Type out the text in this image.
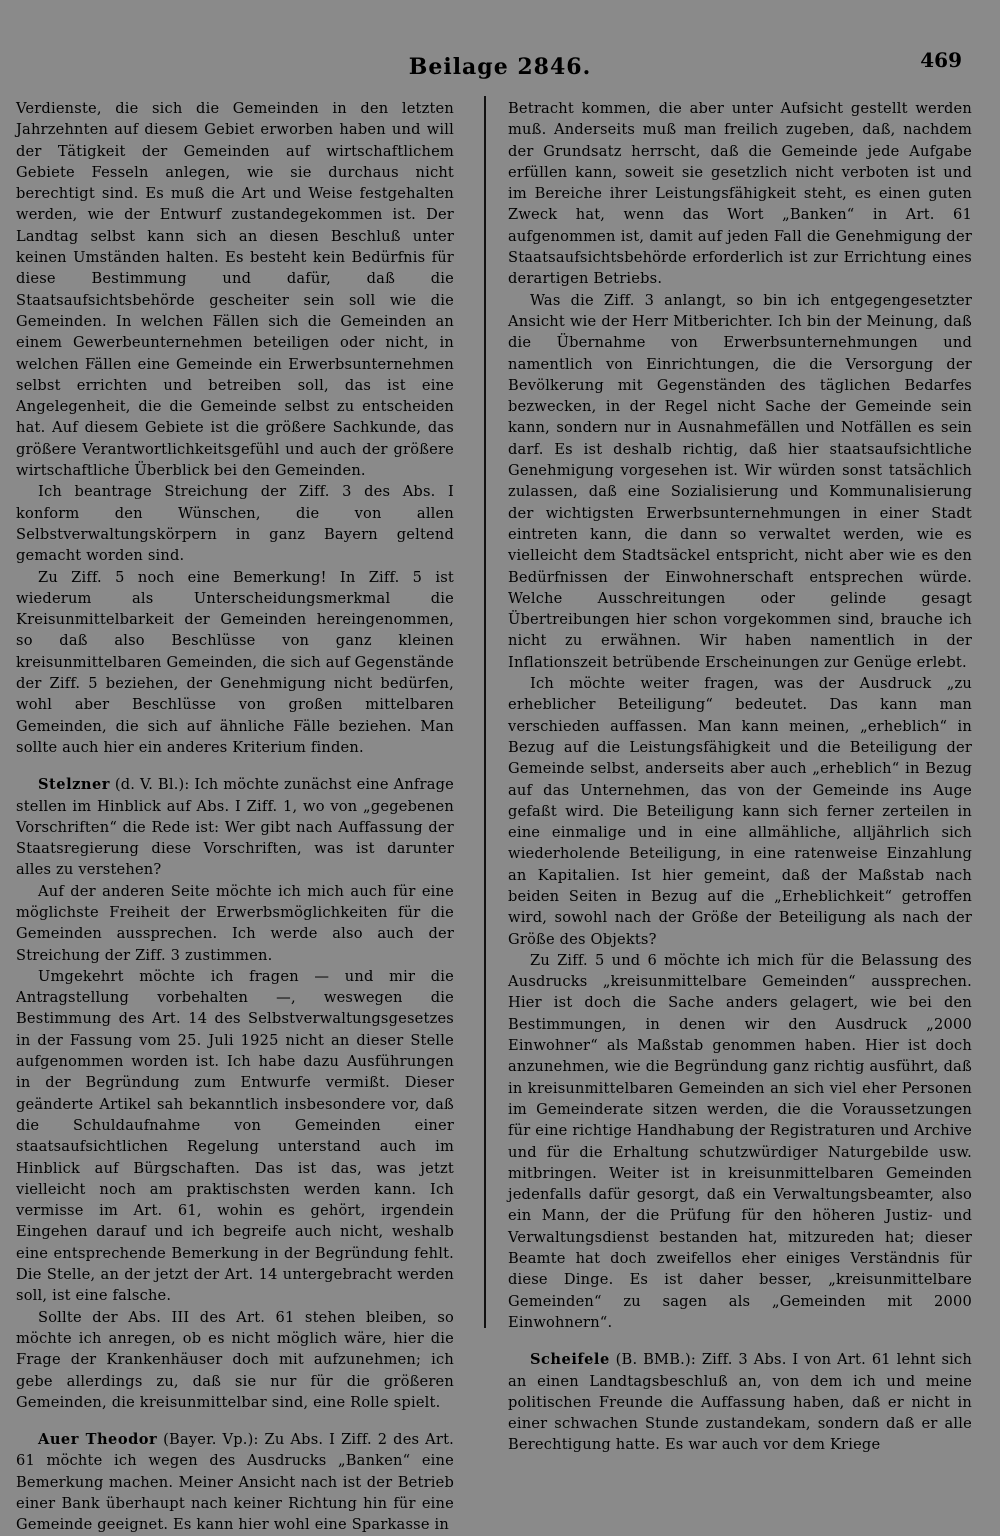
Beilage 2846.	469

Verdienste, die sich die Gemeinden in den letzten Jahrzehnten auf diesem Gebiet erworben haben und will der Tätigkeit der Gemeinden auf wirtschaftlichem Gebiete Fesseln anlegen, wie sie durchaus nicht berechtigt sind. Es muß die Art und Weise festgehalten werden, wie der Entwurf zustandegekommen ist. Der Landtag selbst kann sich an diesen Beschluß unter keinen Umständen halten. Es besteht kein Bedürfnis für diese Bestimmung und dafür, daß die Staatsaufsichtsbehörde gescheiter sein soll wie die Gemeinden. In welchen Fällen sich die Gemeinden an einem Gewerbeunternehmen beteiligen oder nicht, in welchen Fällen eine Gemeinde ein Erwerbsunternehmen selbst errichten und betreiben soll, das ist eine Angelegenheit, die die Gemeinde selbst zu entscheiden hat. Auf diesem Gebiete ist die größere Sachkunde, das größere Verantwortlichkeitsgefühl und auch der größere wirtschaftliche Überblick bei den Gemeinden.

Ich beantrage Streichung der Ziff. 3 des Abs. I konform den Wünschen, die von allen Selbstverwaltungskörpern in ganz Bayern geltend gemacht worden sind.

Zu Ziff. 5 noch eine Bemerkung! In Ziff. 5 ist wiederum als Unterscheidungsmerkmal die Kreisunmittelbarkeit der Gemeinden hereingenommen, so daß also Beschlüsse von ganz kleinen kreisunmittelbaren Gemeinden, die sich auf Gegenstände der Ziff. 5 beziehen, der Genehmigung nicht bedürfen, wohl aber Beschlüsse von großen mittelbaren Gemeinden, die sich auf ähnliche Fälle beziehen. Man sollte auch hier ein anderes Kriterium finden.

Stelzner (d. V. Bl.): Ich möchte zunächst eine Anfrage stellen im Hinblick auf Abs. I Ziff. 1, wo von „gegebenen Vorschriften“ die Rede ist: Wer gibt nach Auffassung der Staatsregierung diese Vorschriften, was ist darunter alles zu verstehen?

Auf der anderen Seite möchte ich mich auch für eine möglichste Freiheit der Erwerbsmöglichkeiten für die Gemeinden aussprechen. Ich werde also auch der Streichung der Ziff. 3 zustimmen.

Umgekehrt möchte ich fragen — und mir die Antragstellung vorbehalten —, weswegen die Bestimmung des Art. 14 des Selbstverwaltungsgesetzes in der Fassung vom 25. Juli 1925 nicht an dieser Stelle aufgenommen worden ist. Ich habe dazu Ausführungen in der Begründung zum Entwurfe vermißt. Dieser geänderte Artikel sah bekanntlich insbesondere vor, daß die Schuldaufnahme von Gemeinden einer staatsaufsichtlichen Regelung unterstand auch im Hinblick auf Bürgschaften. Das ist das, was jetzt vielleicht noch am praktischsten werden kann. Ich vermisse im Art. 61, wohin es gehört, irgendein Eingehen darauf und ich begreife auch nicht, weshalb eine entsprechende Bemerkung in der Begründung fehlt. Die Stelle, an der jetzt der Art. 14 untergebracht werden soll, ist eine falsche.

Sollte der Abs. III des Art. 61 stehen bleiben, so möchte ich anregen, ob es nicht möglich wäre, hier die Frage der Krankenhäuser doch mit aufzunehmen; ich gebe allerdings zu, daß sie nur für die größeren Gemeinden, die kreisunmittelbar sind, eine Rolle spielt.

Auer Theodor (Bayer. Vp.): Zu Abs. I Ziff. 2 des Art. 61 möchte ich wegen des Ausdrucks „Banken“ eine Bemerkung machen. Meiner Ansicht nach ist der Betrieb einer Bank überhaupt nach keiner Richtung hin für eine Gemeinde geeignet. Es kann hier wohl eine Sparkasse in

Betracht kommen, die aber unter Aufsicht gestellt werden muß. Anderseits muß man freilich zugeben, daß, nachdem der Grundsatz herrscht, daß die Gemeinde jede Aufgabe erfüllen kann, soweit sie gesetzlich nicht verboten ist und im Bereiche ihrer Leistungsfähigkeit steht, es einen guten Zweck hat, wenn das Wort „Banken“ in Art. 61 aufgenommen ist, damit auf jeden Fall die Genehmigung der Staatsaufsichtsbehörde erforderlich ist zur Errichtung eines derartigen Betriebs.

Was die Ziff. 3 anlangt, so bin ich entgegengesetzter Ansicht wie der Herr Mitberichter. Ich bin der Meinung, daß die Übernahme von Erwerbsunternehmungen und namentlich von Einrichtungen, die die Versorgung der Bevölkerung mit Gegenständen des täglichen Bedarfes bezwecken, in der Regel nicht Sache der Gemeinde sein kann, sondern nur in Ausnahmefällen und Notfällen es sein darf. Es ist deshalb richtig, daß hier staatsaufsichtliche Genehmigung vorgesehen ist. Wir würden sonst tatsächlich zulassen, daß eine Sozialisierung und Kommunalisierung der wichtigsten Erwerbsunternehmungen in einer Stadt eintreten kann, die dann so verwaltet werden, wie es vielleicht dem Stadtsäckel entspricht, nicht aber wie es den Bedürfnissen der Einwohnerschaft entsprechen würde. Welche Ausschreitungen oder gelinde gesagt Übertreibungen hier schon vorgekommen sind, brauche ich nicht zu erwähnen. Wir haben namentlich in der Inflationszeit betrübende Erscheinungen zur Genüge erlebt.

Ich möchte weiter fragen, was der Ausdruck „zu erheblicher Beteiligung“ bedeutet. Das kann man verschieden auffassen. Man kann meinen, „erheblich“ in Bezug auf die Leistungsfähigkeit und die Beteiligung der Gemeinde selbst, anderseits aber auch „erheblich“ in Bezug auf das Unternehmen, das von der Gemeinde ins Auge gefaßt wird. Die Beteiligung kann sich ferner zerteilen in eine einmalige und in eine allmähliche, alljährlich sich wiederholende Beteiligung, in eine ratenweise Einzahlung an Kapitalien. Ist hier gemeint, daß der Maßstab nach beiden Seiten in Bezug auf die „Erheblichkeit“ getroffen wird, sowohl nach der Größe der Beteiligung als nach der Größe des Objekts?

Zu Ziff. 5 und 6 möchte ich mich für die Belassung des Ausdrucks „kreisunmittelbare Gemeinden“ aussprechen. Hier ist doch die Sache anders gelagert, wie bei den Bestimmungen, in denen wir den Ausdruck „2000 Einwohner“ als Maßstab genommen haben. Hier ist doch anzunehmen, wie die Begründung ganz richtig ausführt, daß in kreisunmittelbaren Gemeinden an sich viel eher Personen im Gemeinderate sitzen werden, die die Voraussetzungen für eine richtige Handhabung der Registraturen und Archive und für die Erhaltung schutzwürdiger Naturgebilde usw. mitbringen. Weiter ist in kreisunmittelbaren Gemeinden jedenfalls dafür gesorgt, daß ein Verwaltungsbeamter, also ein Mann, der die Prüfung für den höheren Justiz- und Verwaltungsdienst bestanden hat, mitzureden hat; dieser Beamte hat doch zweifellos eher einiges Verständnis für diese Dinge. Es ist daher besser, „kreisunmittelbare Gemeinden“ zu sagen als „Gemeinden mit 2000 Einwohnern“.

Scheifele (B. BMB.): Ziff. 3 Abs. I von Art. 61 lehnt sich an einen Landtagsbeschluß an, von dem ich und meine politischen Freunde die Auffassung haben, daß er nicht in einer schwachen Stunde zustandekam, sondern daß er alle Berechtigung hatte. Es war auch vor dem Kriege
